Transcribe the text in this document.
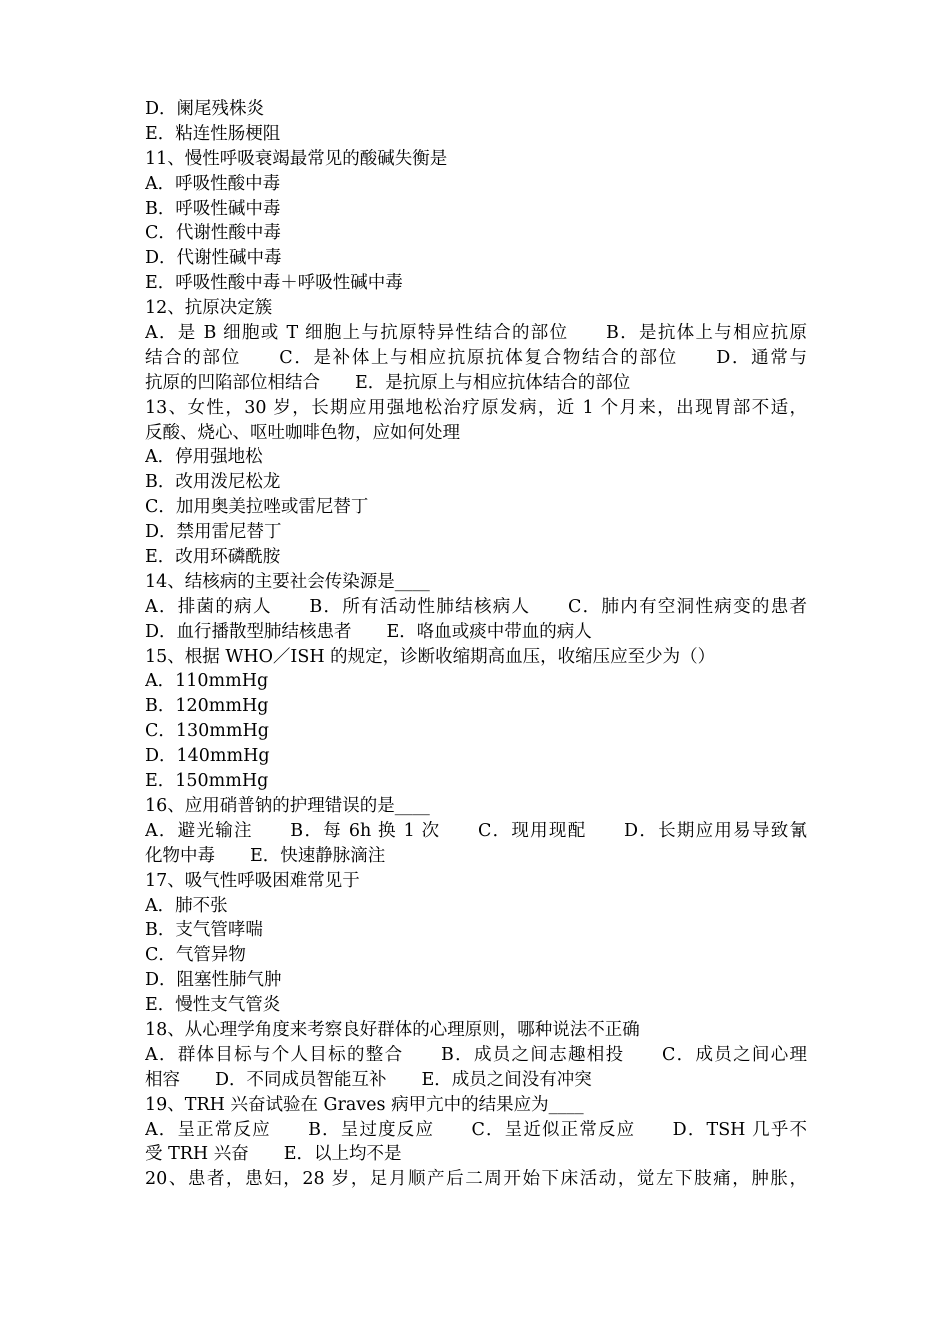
D．阑尾残株炎
E．粘连性肠梗阻
11、慢性呼吸衰竭最常见的酸碱失衡是
A．呼吸性酸中毒
B．呼吸性碱中毒
C．代谢性酸中毒
D．代谢性碱中毒
E．呼吸性酸中毒＋呼吸性碱中毒
12、抗原决定簇
A．是 B 细胞或 T 细胞上与抗原特异性结合的部位　　B．是抗体上与相应抗原
结合的部位　　C．是补体上与相应抗原抗体复合物结合的部位　　D．通常与
抗原的凹陷部位相结合　　E．是抗原上与相应抗体结合的部位
13、女性，30 岁，长期应用强地松治疗原发病，近 1 个月来，出现胃部不适，
反酸、烧心、呕吐咖啡色物，应如何处理
A．停用强地松
B．改用泼尼松龙
C．加用奥美拉唑或雷尼替丁
D．禁用雷尼替丁
E．改用环磷酰胺
14、结核病的主要社会传染源是____
A．排菌的病人　　B．所有活动性肺结核病人　　C．肺内有空洞性病变的患者
D．血行播散型肺结核患者　　E．咯血或痰中带血的病人
15、根据 WHO／ISH 的规定，诊断收缩期高血压，收缩压应至少为（）
A．110mmHg
B．120mmHg
C．130mmHg
D．140mmHg
E．150mmHg
16、应用硝普钠的护理错误的是____
A．避光输注　　B．每 6h 换 1 次　　C．现用现配　　D．长期应用易导致氰
化物中毒　　E．快速静脉滴注
17、吸气性呼吸困难常见于
A．肺不张
B．支气管哮喘
C．气管异物
D．阻塞性肺气肿
E．慢性支气管炎
18、从心理学角度来考察良好群体的心理原则，哪种说法不正确
A．群体目标与个人目标的整合　　B．成员之间志趣相投　　C．成员之间心理
相容　　D．不同成员智能互补　　E．成员之间没有冲突
19、TRH 兴奋试验在 Graves 病甲亢中的结果应为____
A．呈正常反应　　B．呈过度反应　　C．呈近似正常反应　　D．TSH 几乎不
受 TRH 兴奋　　E．以上均不是
20、患者，患妇，28 岁，足月顺产后二周开始下床活动，觉左下肢痛，肿胀，
